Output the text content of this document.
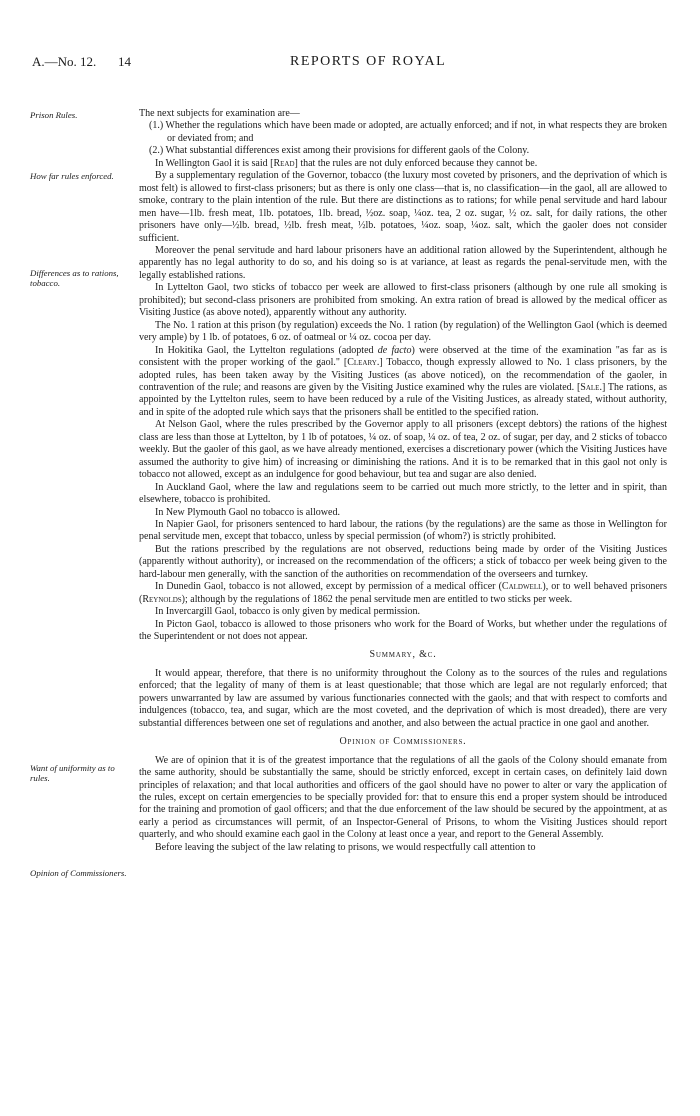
A.—No. 12. 14	REPORTS OF ROYAL
Prison Rules.
How far rules enforced.
Differences as to rations, tobacco.
Want of uniformity as to rules.
Opinion of Commissioners.

The next subjects for examination are—

(1.) Whether the regulations which have been made or adopted, are actually enforced; and if not, in what respects they are broken or deviated from; and

(2.) What substantial differences exist among their provisions for different gaols of the Colony.

In Wellington Gaol it is said [Read] that the rules are not duly enforced because they cannot be.

By a supplementary regulation of the Governor, tobacco (the luxury most coveted by prisoners, and the deprivation of which is most felt) is allowed to first-class prisoners; but as there is only one class—that is, no classification—in the gaol, all are allowed to smoke, contrary to the plain intention of the rule. But there are distinctions as to rations; for while penal servitude and hard labour men have—1lb. fresh meat, 1lb. potatoes, 1lb. bread, ½oz. soap, ¼oz. tea, 2 oz. sugar, ½ oz. salt, for daily rations, the other prisoners have only—½lb. bread, ½lb. fresh meat, ½lb. potatoes, ¼oz. soap, ¼oz. salt, which the gaoler does not consider sufficient.

Moreover the penal servitude and hard labour prisoners have an additional ration allowed by the Superintendent, although he apparently has no legal authority to do so, and his doing so is at variance, at least as regards the penal-servitude men, with the legally established rations.

In Lyttelton Gaol, two sticks of tobacco per week are allowed to first-class prisoners (although by one rule all smoking is prohibited); but second-class prisoners are prohibited from smoking. An extra ration of bread is allowed by the medical officer as Visiting Justice (as above noted), apparently without any authority.

The No. 1 ration at this prison (by regulation) exceeds the No. 1 ration (by regulation) of the Wellington Gaol (which is deemed very ample) by 1 lb. of potatoes, 6 oz. of oatmeal or ¼ oz. cocoa per day.

In Hokitika Gaol, the Lyttelton regulations (adopted de facto) were observed at the time of the examination "as far as is consistent with the proper working of the gaol." [Cleary.] Tobacco, though expressly allowed to No. 1 class prisoners, by the adopted rules, has been taken away by the Visiting Justices (as above noticed), on the recommendation of the gaoler, in contravention of the rule; and reasons are given by the Visiting Justice examined why the rules are violated. [Sale.] The rations, as appointed by the Lyttelton rules, seem to have been reduced by a rule of the Visiting Justices, as already stated, without authority, and in spite of the adopted rule which says that the prisoners shall be entitled to the specified ration.

At Nelson Gaol, where the rules prescribed by the Governor apply to all prisoners (except debtors) the rations of the highest class are less than those at Lyttelton, by 1 lb of potatoes, ¼ oz. of soap, ¼ oz. of tea, 2 oz. of sugar, per day, and 2 sticks of tobacco weekly. But the gaoler of this gaol, as we have already mentioned, exercises a discretionary power (which the Visiting Justices have assumed the authority to give him) of increasing or diminishing the rations. And it is to be remarked that in this gaol not only is tobacco not allowed, except as an indulgence for good behaviour, but tea and sugar are also denied.

In Auckland Gaol, where the law and regulations seem to be carried out much more strictly, to the letter and in spirit, than elsewhere, tobacco is prohibited.

In New Plymouth Gaol no tobacco is allowed.

In Napier Gaol, for prisoners sentenced to hard labour, the rations (by the regulations) are the same as those in Wellington for penal servitude men, except that tobacco, unless by special permission (of whom?) is strictly prohibited.

But the rations prescribed by the regulations are not observed, reductions being made by order of the Visiting Justices (apparently without authority), or increased on the recommendation of the officers; a stick of tobacco per week being given to the hard-labour men generally, with the sanction of the authorities on recommendation of the overseers and turnkey.

In Dunedin Gaol, tobacco is not allowed, except by permission of a medical officer (Caldwell), or to well behaved prisoners (Reynolds); although by the regulations of 1862 the penal servitude men are entitled to two sticks per week.

In Invercargill Gaol, tobacco is only given by medical permission.

In Picton Gaol, tobacco is allowed to those prisoners who work for the Board of Works, but whether under the regulations of the Superintendent or not does not appear.

Summary, &c.

It would appear, therefore, that there is no uniformity throughout the Colony as to the sources of the rules and regulations enforced; that the legality of many of them is at least questionable; that those which are legal are not regularly enforced; that powers unwarranted by law are assumed by various functionaries connected with the gaols; and that with respect to comforts and indulgences (tobacco, tea, and sugar, which are the most coveted, and the deprivation of which is most dreaded), there are very substantial differences between one set of regulations and another, and also between the actual practice in one gaol and another.

Opinion of Commissioners.

We are of opinion that it is of the greatest importance that the regulations of all the gaols of the Colony should emanate from the same authority, should be substantially the same, should be strictly enforced, except in certain cases, on definitely laid down principles of relaxation; and that local authorities and officers of the gaol should have no power to alter or vary the application of the rules, except on certain emergencies to be specially provided for: that to ensure this end a proper system should be introduced for the training and promotion of gaol officers; and that the due enforcement of the law should be secured by the appointment, at as early a period as circumstances will permit, of an Inspector-General of Prisons, to whom the Visiting Justices should report quarterly, and who should examine each gaol in the Colony at least once a year, and report to the General Assembly.

Before leaving the subject of the law relating to prisons, we would respectfully call attention to
